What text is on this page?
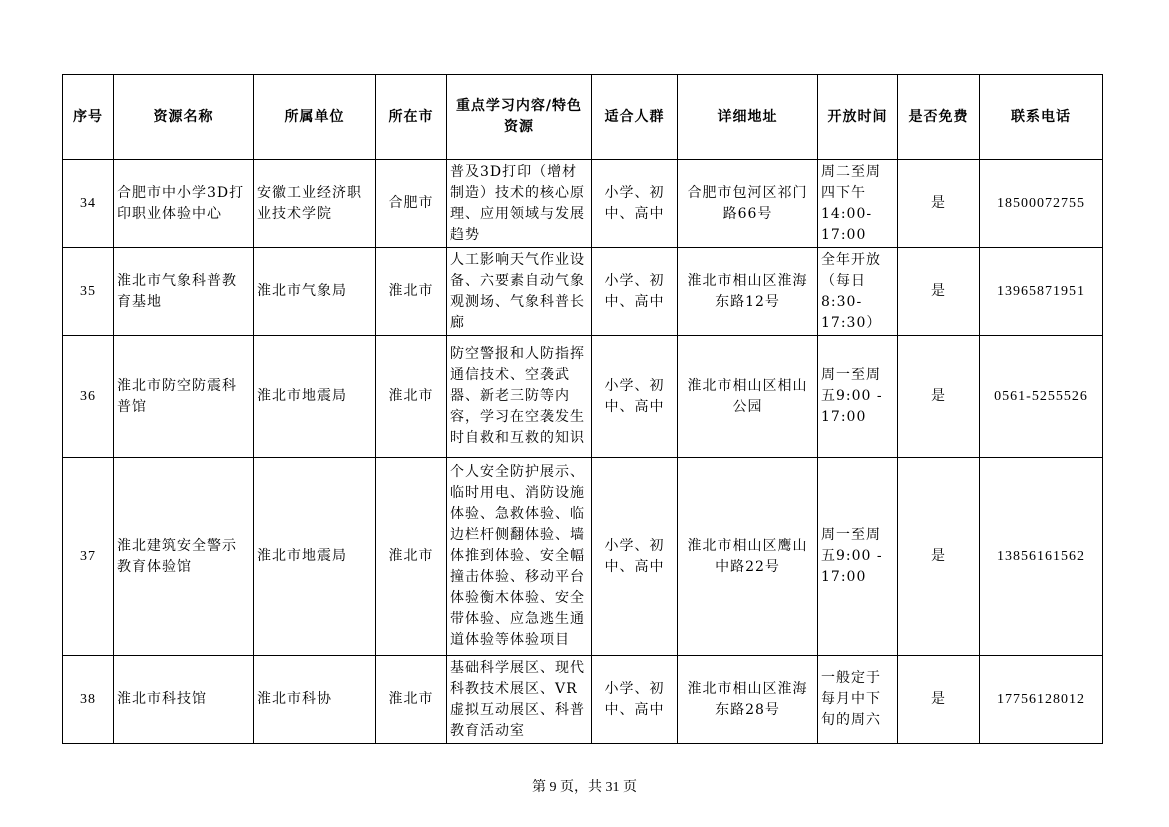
序号	资源名称	所属单位	所在市	重点学习内容/特色资源	适合人群	详细地址	开放时间	是否免费	联系电话
34	合肥市中小学3D打印职业体验中心	安徽工业经济职业技术学院	合肥市	普及3D打印（增材制造）技术的核心原理、应用领域与发展趋势	小学、初中、高中	合肥市包河区祁门路66号	周二至周四下午14:00-17:00	是	18500072755
35	淮北市气象科普教育基地	淮北市气象局	淮北市	人工影响天气作业设备、六要素自动气象观测场、气象科普长廊	小学、初中、高中	淮北市相山区淮海东路12号	全年开放（每日8:30-17:30）	是	13965871951
36	淮北市防空防震科普馆	淮北市地震局	淮北市	防空警报和人防指挥通信技术、空袭武器、新老三防等内容，学习在空袭发生时自救和互救的知识	小学、初中、高中	淮北市相山区相山公园	周一至周五9:00 - 17:00	是	0561-5255526
37	淮北建筑安全警示教育体验馆	淮北市地震局	淮北市	个人安全防护展示、临时用电、消防设施体验、急救体验、临边栏杆侧翻体验、墙体推到体验、安全幅撞击体验、移动平台体验衡木体验、安全带体验、应急逃生通道体验等体验项目	小学、初中、高中	淮北市相山区鹰山中路22号	周一至周五9:00 - 17:00	是	13856161562
38	淮北市科技馆	淮北市科协	淮北市	基础科学展区、现代科教技术展区、VR虚拟互动展区、科普教育活动室	小学、初中、高中	淮北市相山区淮海东路28号	一般定于每月中下旬的周六	是	17756128012
第 9 页，共 31 页
